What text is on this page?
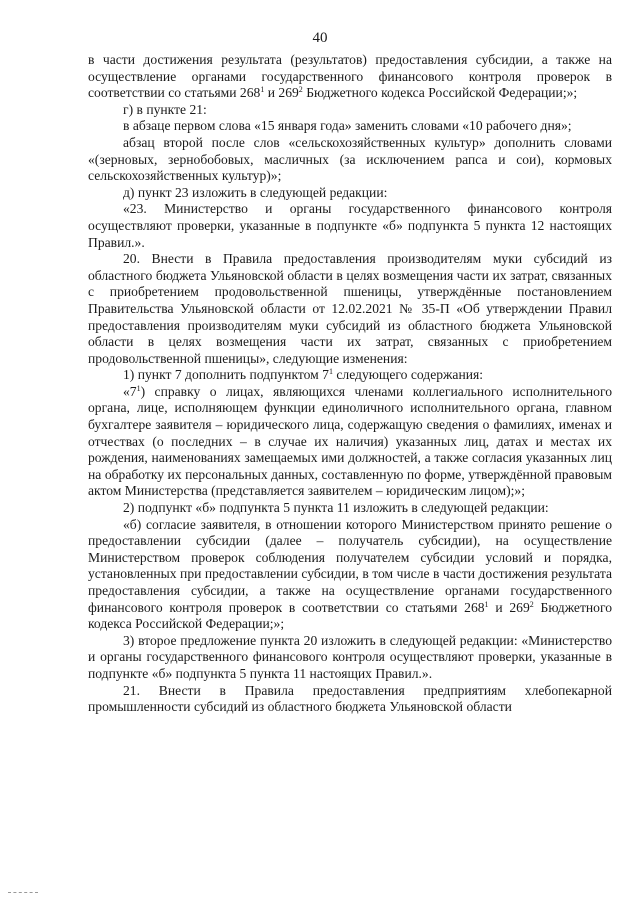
40

в части достижения результата (результатов) предоставления субсидии, а также на осуществление органами государственного финансового контроля проверок в соответствии со статьями $268^1$ и $269^2$ Бюджетного кодекса Российской Федерации;»;

г) в пункте 21:

в абзаце первом слова «15 января года» заменить словами «10 рабочего дня»;

абзац второй после слов «сельскохозяйственных культур» дополнить словами «(зерновых, зернобобовых, масличных (за исключением рапса и сои), кормовых сельскохозяйственных культур)»;

д) пункт 23 изложить в следующей редакции:

«23. Министерство и органы государственного финансового контроля осуществляют проверки, указанные в подпункте «б» подпункта 5 пункта 12 настоящих Правил.».

20. Внести в Правила предоставления производителям муки субсидий из областного бюджета Ульяновской области в целях возмещения части их затрат, связанных с приобретением продовольственной пшеницы, утверждённые постановлением Правительства Ульяновской области от 12.02.2021 № 35-П «Об утверждении Правил предоставления производителям муки субсидий из областного бюджета Ульяновской области в целях возмещения части их затрат, связанных с приобретением продовольственной пшеницы», следующие изменения:

1) пункт 7 дополнить подпунктом $7^1$ следующего содержания:

«$7^1$) справку о лицах, являющихся членами коллегиального исполнительного органа, лице, исполняющем функции единоличного исполнительного органа, главном бухгалтере заявителя – юридического лица, содержащую сведения о фамилиях, именах и отчествах (о последних – в случае их наличия) указанных лиц, датах и местах их рождения, наименованиях замещаемых ими должностей, а также согласия указанных лиц на обработку их персональных данных, составленную по форме, утверждённой правовым актом Министерства (представляется заявителем – юридическим лицом);»;

2) подпункт «б» подпункта 5 пункта 11 изложить в следующей редакции:

«б) согласие заявителя, в отношении которого Министерством принято решение о предоставлении субсидии (далее – получатель субсидии), на осуществление Министерством проверок соблюдения получателем субсидии условий и порядка, установленных при предоставлении субсидии, в том числе в части достижения результата предоставления субсидии, а также на осуществление органами государственного финансового контроля проверок в соответствии со статьями $268^1$ и $269^2$ Бюджетного кодекса Российской Федерации;»;

3) второе предложение пункта 20 изложить в следующей редакции: «Министерство и органы государственного финансового контроля осуществляют проверки, указанные в подпункте «б» подпункта 5 пункта 11 настоящих Правил.».

21. Внести в Правила предоставления предприятиям хлебопекарной промышленности субсидий из областного бюджета Ульяновской области
